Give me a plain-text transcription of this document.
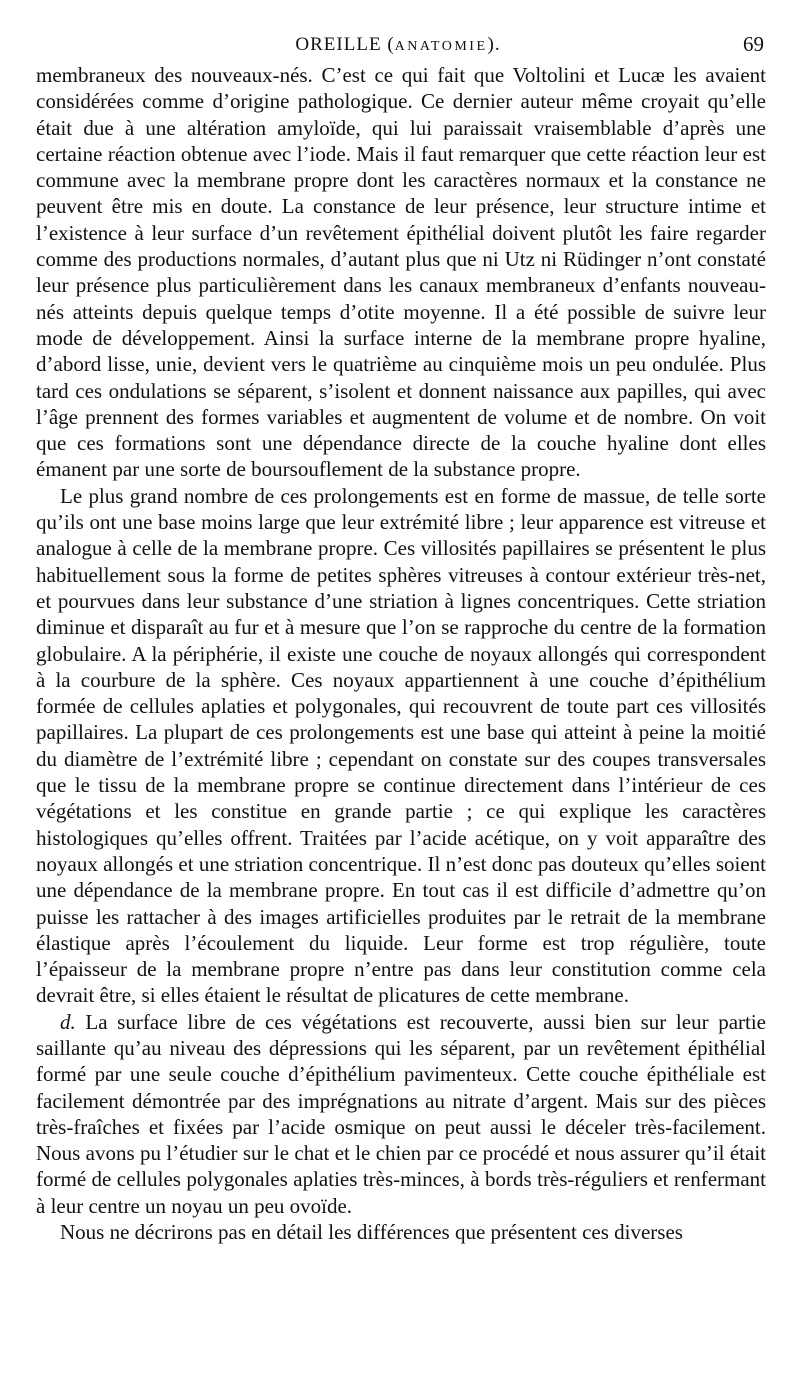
OREILLE (ANATOMIE).	69

membraneux des nouveaux-nés. C’est ce qui fait que Voltolini et Lucæ les avaient considérées comme d’origine pathologique. Ce dernier auteur même croyait qu’elle était due à une altération amyloïde, qui lui paraissait vraisemblable d’après une certaine réaction obtenue avec l’iode. Mais il faut remarquer que cette réaction leur est commune avec la membrane propre dont les caractères normaux et la constance ne peuvent être mis en doute. La constance de leur présence, leur structure intime et l’existence à leur surface d’un revêtement épithélial doivent plutôt les faire regarder comme des productions normales, d’autant plus que ni Utz ni Rüdinger n’ont constaté leur présence plus particulièrement dans les canaux membraneux d’enfants nouveau-nés atteints depuis quelque temps d’otite moyenne. Il a été possible de suivre leur mode de développement. Ainsi la surface interne de la membrane propre hyaline, d’abord lisse, unie, devient vers le quatrième au cinquième mois un peu ondulée. Plus tard ces ondulations se séparent, s’isolent et donnent naissance aux papilles, qui avec l’âge prennent des formes variables et augmentent de volume et de nombre. On voit que ces formations sont une dépendance directe de la couche hyaline dont elles émanent par une sorte de boursouflement de la substance propre.

Le plus grand nombre de ces prolongements est en forme de massue, de telle sorte qu’ils ont une base moins large que leur extrémité libre ; leur apparence est vitreuse et analogue à celle de la membrane propre. Ces villosités papillaires se présentent le plus habituellement sous la forme de petites sphères vitreuses à contour extérieur très-net, et pourvues dans leur substance d’une striation à lignes concentriques. Cette striation diminue et disparaît au fur et à mesure que l’on se rapproche du centre de la formation globulaire. A la périphérie, il existe une couche de noyaux allongés qui correspondent à la courbure de la sphère. Ces noyaux appartiennent à une couche d’épithélium formée de cellules aplaties et polygonales, qui recouvrent de toute part ces villosités papillaires. La plupart de ces prolongements est une base qui atteint à peine la moitié du diamètre de l’extrémité libre ; cependant on constate sur des coupes transversales que le tissu de la membrane propre se continue directement dans l’intérieur de ces végétations et les constitue en grande partie ; ce qui explique les caractères histologiques qu’elles offrent. Traitées par l’acide acétique, on y voit apparaître des noyaux allongés et une striation concentrique. Il n’est donc pas douteux qu’elles soient une dépendance de la membrane propre. En tout cas il est difficile d’admettre qu’on puisse les rattacher à des images artificielles produites par le retrait de la membrane élastique après l’écoulement du liquide. Leur forme est trop régulière, toute l’épaisseur de la membrane propre n’entre pas dans leur constitution comme cela devrait être, si elles étaient le résultat de plicatures de cette membrane.

d. La surface libre de ces végétations est recouverte, aussi bien sur leur partie saillante qu’au niveau des dépressions qui les séparent, par un revêtement épithélial formé par une seule couche d’épithélium pavimenteux. Cette couche épithéliale est facilement démontrée par des imprégnations au nitrate d’argent. Mais sur des pièces très-fraîches et fixées par l’acide osmique on peut aussi le déceler très-facilement. Nous avons pu l’étudier sur le chat et le chien par ce procédé et nous assurer qu’il était formé de cellules polygonales aplaties très-minces, à bords très-réguliers et renfermant à leur centre un noyau un peu ovoïde.

Nous ne décrirons pas en détail les différences que présentent ces diverses
